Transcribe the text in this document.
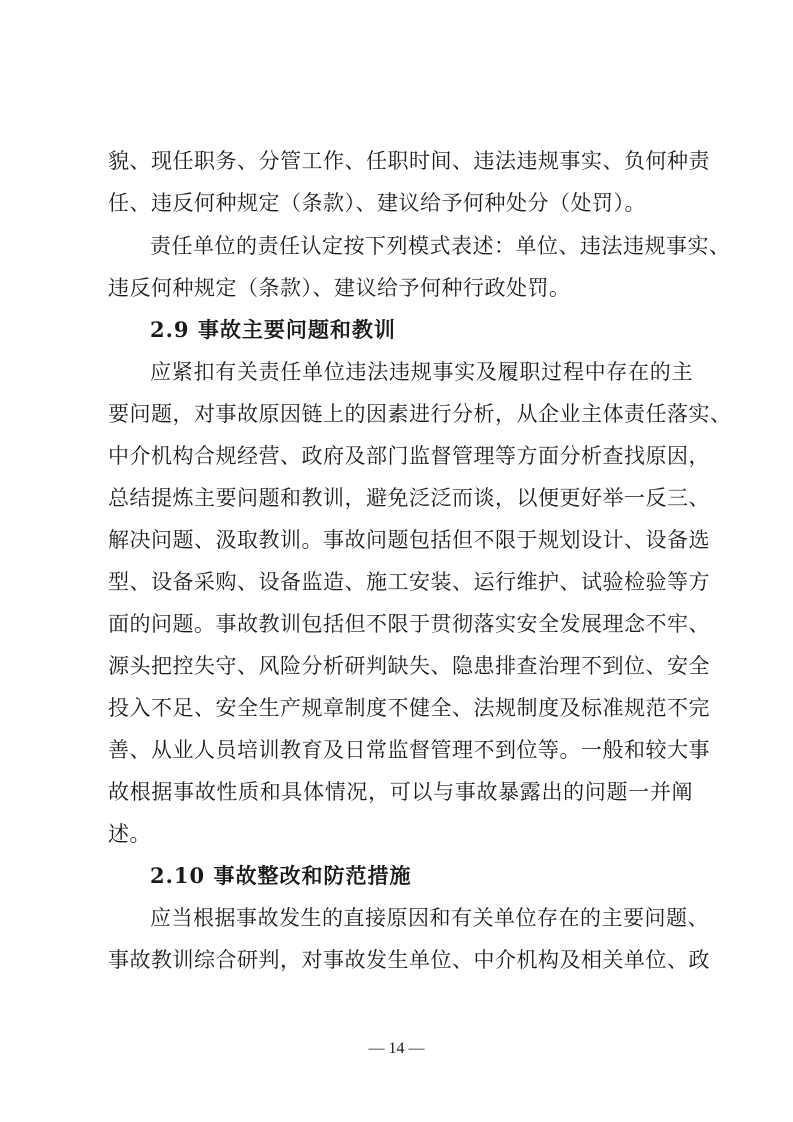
貌、现任职务、分管工作、任职时间、违法违规事实、负何种责
任、违反何种规定（条款）、建议给予何种处分（处罚）。
责任单位的责任认定按下列模式表述：单位、违法违规事实、
违反何种规定（条款）、建议给予何种行政处罚。
2.9 事故主要问题和教训
应紧扣有关责任单位违法违规事实及履职过程中存在的主
要问题，对事故原因链上的因素进行分析，从企业主体责任落实、
中介机构合规经营、政府及部门监督管理等方面分析查找原因，
总结提炼主要问题和教训，避免泛泛而谈，以便更好举一反三、
解决问题、汲取教训。事故问题包括但不限于规划设计、设备选
型、设备采购、设备监造、施工安装、运行维护、试验检验等方
面的问题。事故教训包括但不限于贯彻落实安全发展理念不牢、
源头把控失守、风险分析研判缺失、隐患排查治理不到位、安全
投入不足、安全生产规章制度不健全、法规制度及标准规范不完
善、从业人员培训教育及日常监督管理不到位等。一般和较大事
故根据事故性质和具体情况，可以与事故暴露出的问题一并阐
述。
2.10 事故整改和防范措施
应当根据事故发生的直接原因和有关单位存在的主要问题、
事故教训综合研判，对事故发生单位、中介机构及相关单位、政
— 14 —
